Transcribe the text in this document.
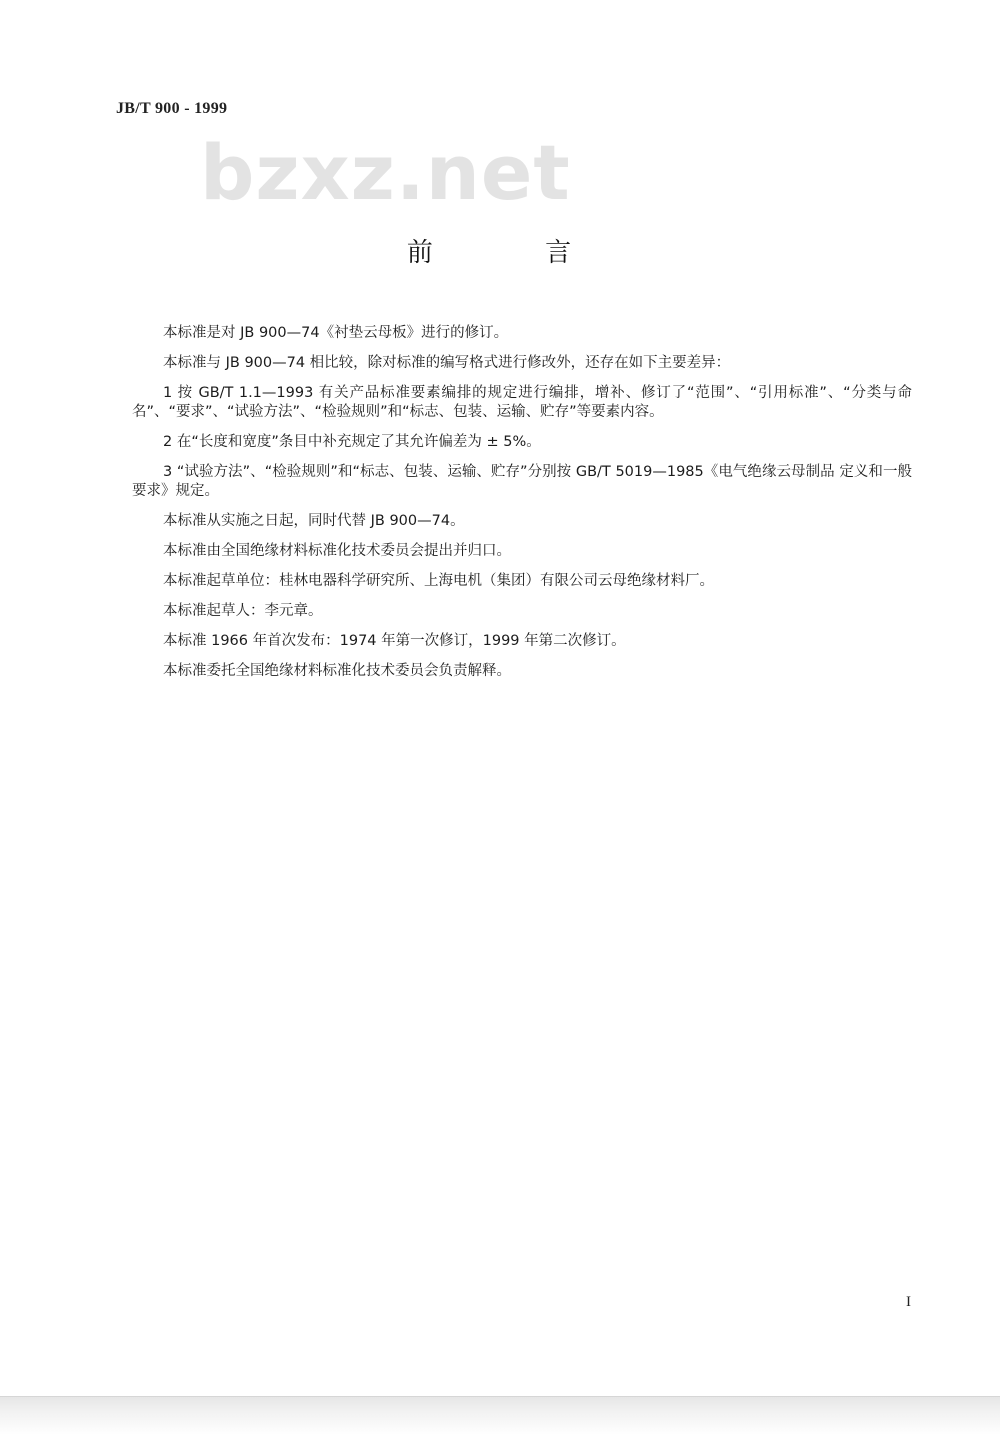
JB/T 900 - 1999
bzxz.net
前 言

本标准是对 JB 900—74《衬垫云母板》进行的修订。

本标准与 JB 900—74 相比较，除对标准的编写格式进行修改外，还存在如下主要差异：

1 按 GB/T 1.1—1993 有关产品标准要素编排的规定进行编排，增补、修订了“范围”、“引用标准”、“分类与命名”、“要求”、“试验方法”、“检验规则”和“标志、包装、运输、贮存”等要素内容。

2 在“长度和宽度”条目中补充规定了其允许偏差为 ± 5%。

3 “试验方法”、“检验规则”和“标志、包装、运输、贮存”分别按 GB/T 5019—1985《电气绝缘云母制品 定义和一般要求》规定。

本标准从实施之日起，同时代替 JB 900—74。

本标准由全国绝缘材料标准化技术委员会提出并归口。

本标准起草单位：桂林电器科学研究所、上海电机（集团）有限公司云母绝缘材料厂。

本标准起草人：李元章。

本标准 1966 年首次发布：1974 年第一次修订，1999 年第二次修订。

本标准委托全国绝缘材料标准化技术委员会负责解释。

I
